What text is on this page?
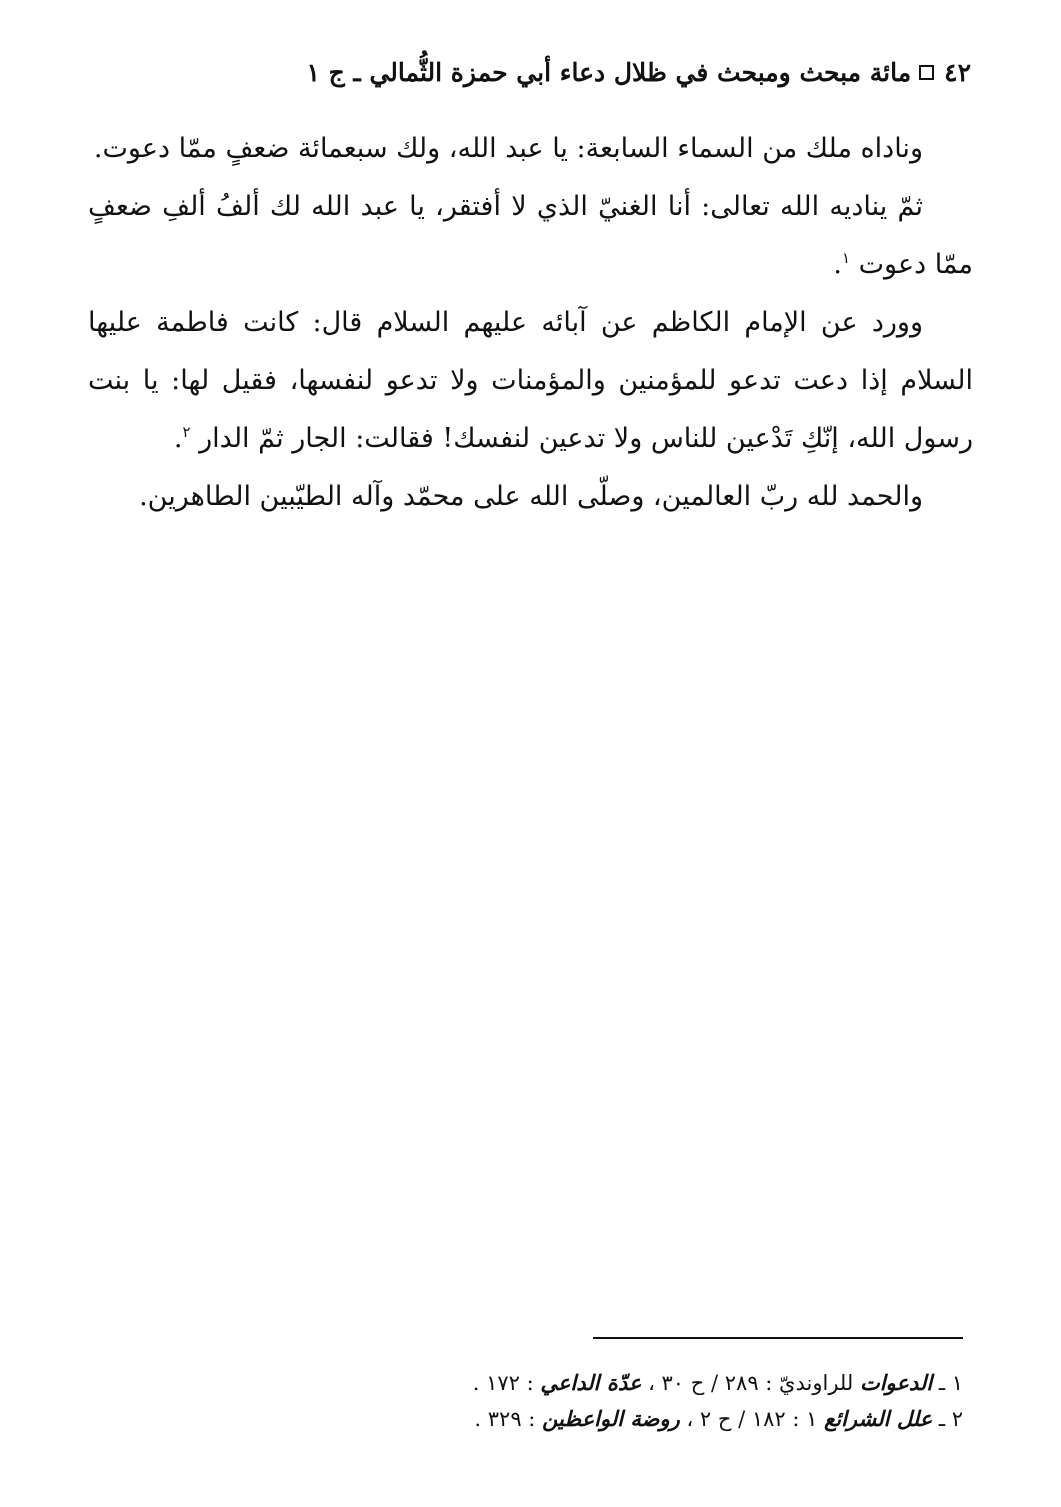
٤٢
مائة مبحث ومبحث في ظلال دعاء أبي حمزة الثُّمالي ـ ج ١

وناداه ملك من السماء السابعة: يا عبد الله، ولك سبعمائة ضعفٍ ممّا دعوت.

ثمّ يناديه الله تعالى: أنا الغنيّ الذي لا أفتقر، يا عبد الله لك ألفُ ألفِ ضعفٍ ممّا دعوت $^١$.

وورد عن الإمام الكاظم عن آبائه عليهم السلام قال: كانت فاطمة عليها السلام إذا دعت تدعو للمؤمنين والمؤمنات ولا تدعو لنفسها، فقيل لها: يا بنت رسول الله، إنّكِ تَدْعين للناس ولا تدعين لنفسك! فقالت: الجار ثمّ الدار $^٢$.

والحمد لله ربّ العالمين، وصلّى الله على محمّد وآله الطيّبين الطاهرين.

١ ـ الدعوات للراونديّ : ٢٨٩ / ح ٣٠ ، عدّة الداعي : ١٧٢ .
٢ ـ علل الشرائع ١ : ١٨٢ / ح ٢ ، روضة الواعظين : ٣٢٩ .
